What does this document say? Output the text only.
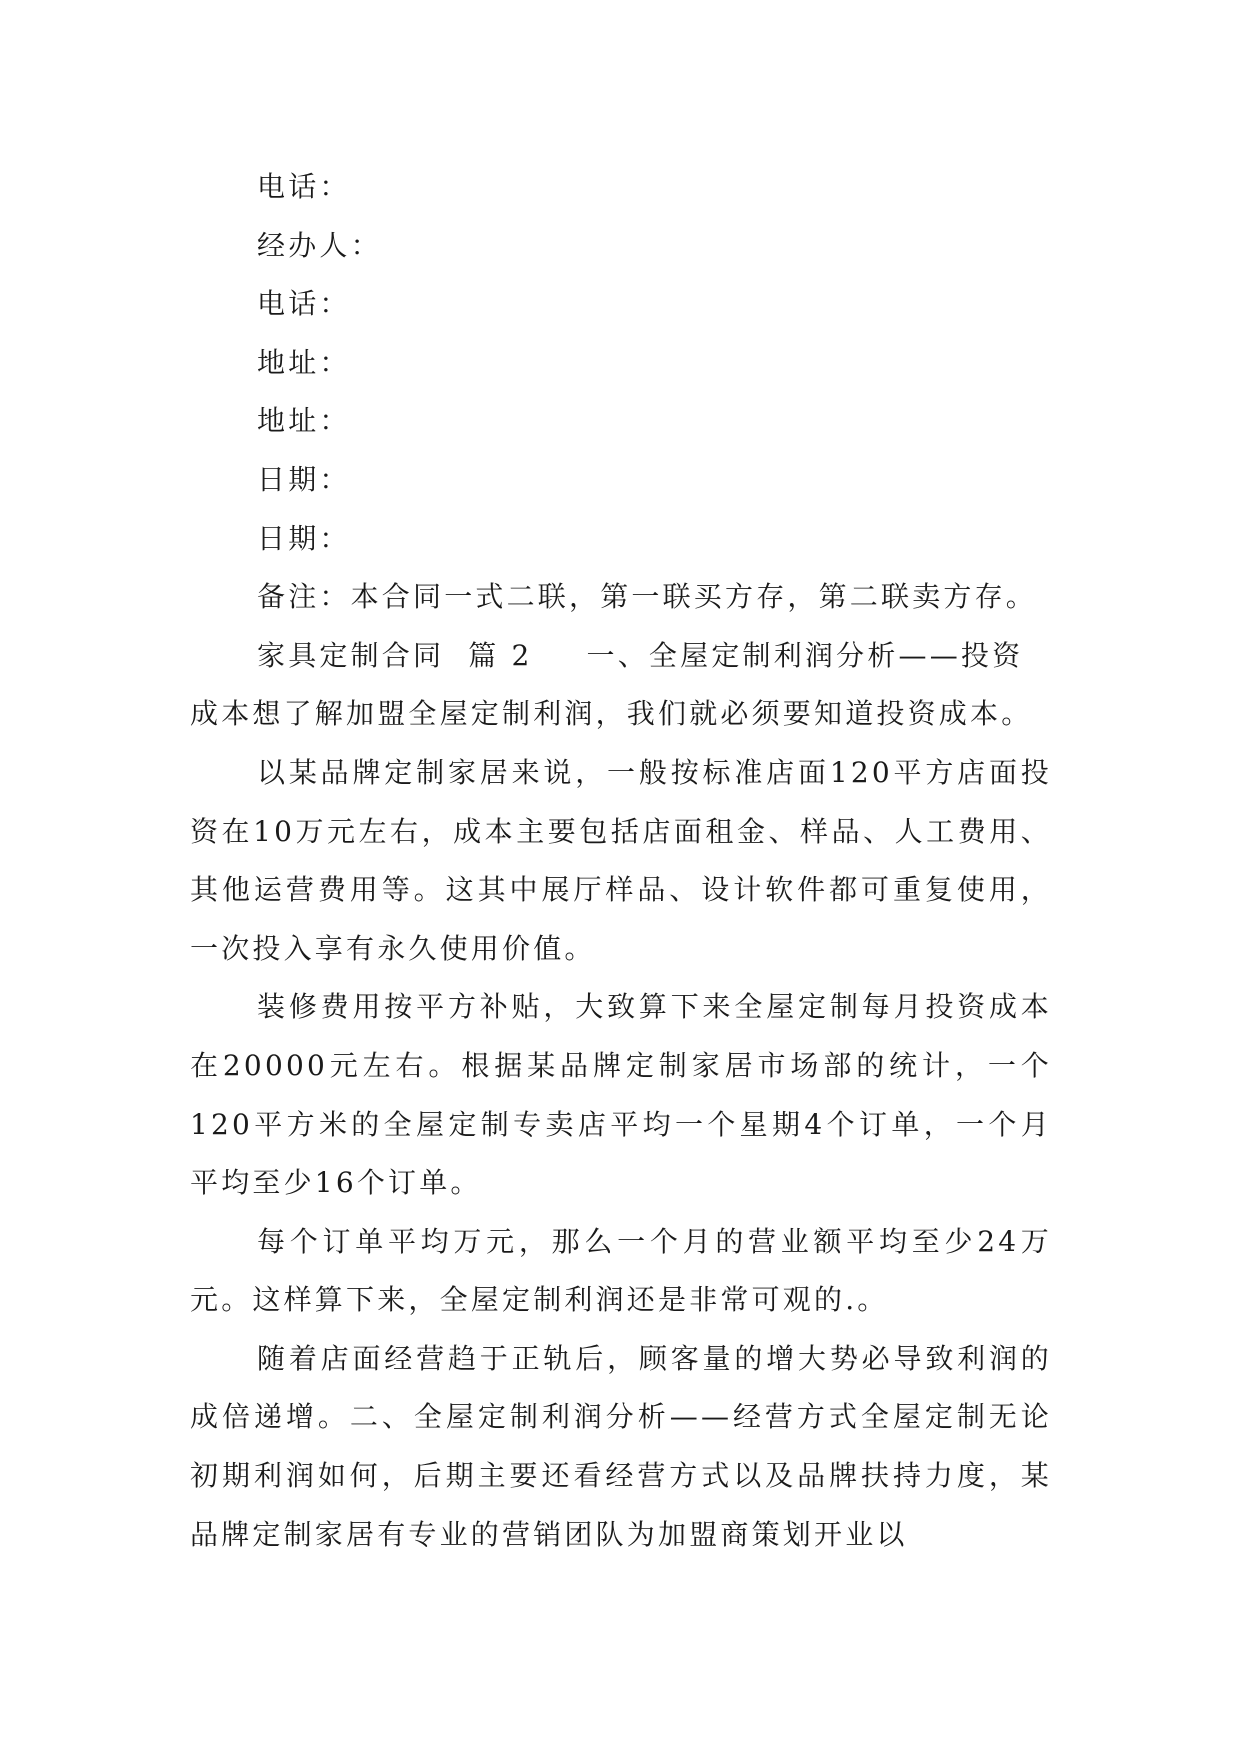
电话：

经办人：

电话：

地址：

地址：

日期：

日期：

备注：本合同一式二联，第一联买方存，第二联卖方存。

家具定制合同 篇 2 一、全屋定制利润分析——投资

成本想了解加盟全屋定制利润，我们就必须要知道投资成本。

以某品牌定制家居来说，一般按标准店面120平方店面投资在10万元左右，成本主要包括店面租金、样品、人工费用、其他运营费用等。这其中展厅样品、设计软件都可重复使用，一次投入享有永久使用价值。

装修费用按平方补贴，大致算下来全屋定制每月投资成本在20000元左右。根据某品牌定制家居市场部的统计，一个120平方米的全屋定制专卖店平均一个星期4个订单，一个月平均至少16个订单。

每个订单平均万元，那么一个月的营业额平均至少24万元。这样算下来，全屋定制利润还是非常可观的.。

随着店面经营趋于正轨后，顾客量的增大势必导致利润的成倍递增。二、全屋定制利润分析——经营方式全屋定制无论初期利润如何，后期主要还看经营方式以及品牌扶持力度，某品牌定制家居有专业的营销团队为加盟商策划开业以
